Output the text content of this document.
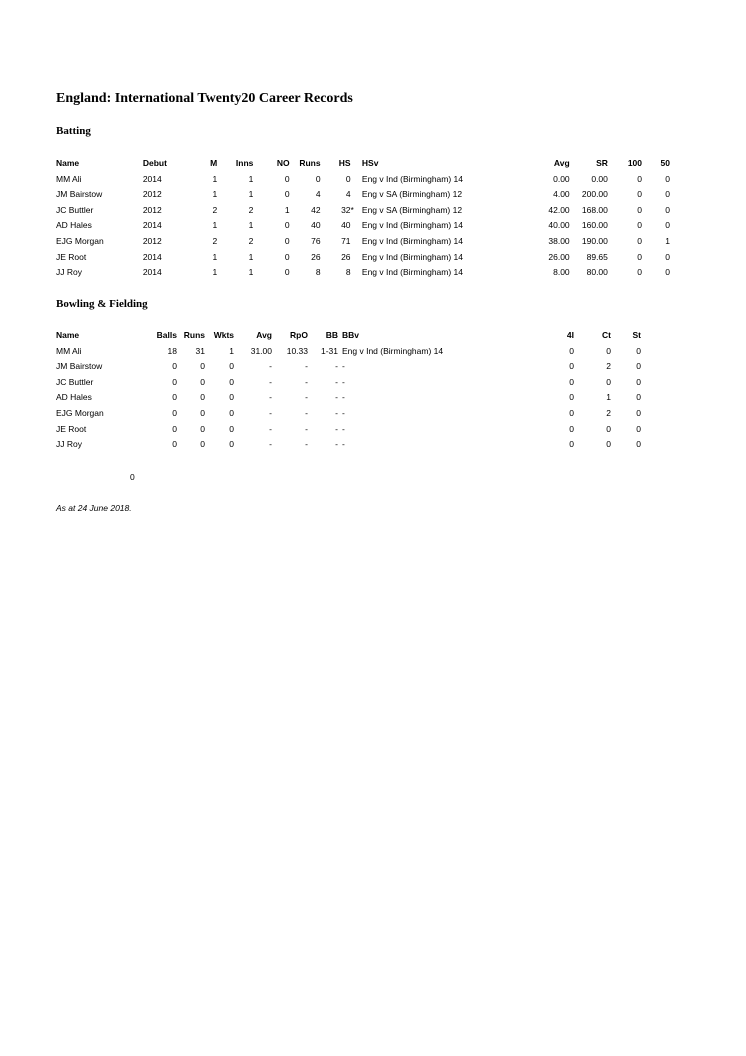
England: International Twenty20 Career Records
Batting
Name	Debut	M	Inns	NO	Runs	HS		HSv	Avg	SR	100	50
MM Ali	2014	1	1	0	0	0		Eng v Ind (Birmingham) 14	0.00	0.00	0	0
JM Bairstow	2012	1	1	0	4	4		Eng v SA (Birmingham) 12	4.00	200.00	0	0
JC Buttler	2012	2	2	1	42	32	*	Eng v SA (Birmingham) 12	42.00	168.00	0	0
AD Hales	2014	1	1	0	40	40		Eng v Ind (Birmingham) 14	40.00	160.00	0	0
EJG Morgan	2012	2	2	0	76	71		Eng v Ind (Birmingham) 14	38.00	190.00	0	1
JE Root	2014	1	1	0	26	26		Eng v Ind (Birmingham) 14	26.00	89.65	0	0
JJ Roy	2014	1	1	0	8	8		Eng v Ind (Birmingham) 14	8.00	80.00	0	0
Bowling & Fielding
Name	Balls	Runs	Wkts	Avg	RpO	BB	BBv	4I	Ct	St
MM Ali	18	31	1	31.00	10.33	1-31	Eng v Ind (Birmingham) 14	0	0	0
JM Bairstow	0	0	0	-	-	-	-	0	2	0
JC Buttler	0	0	0	-	-	-	-	0	0	0
AD Hales	0	0	0	-	-	-	-	0	1	0
EJG Morgan	0	0	0	-	-	-	-	0	2	0
JE Root	0	0	0	-	-	-	-	0	0	0
JJ Roy	0	0	0	-	-	-	-	0	0	0
0
As at 24 June 2018.
